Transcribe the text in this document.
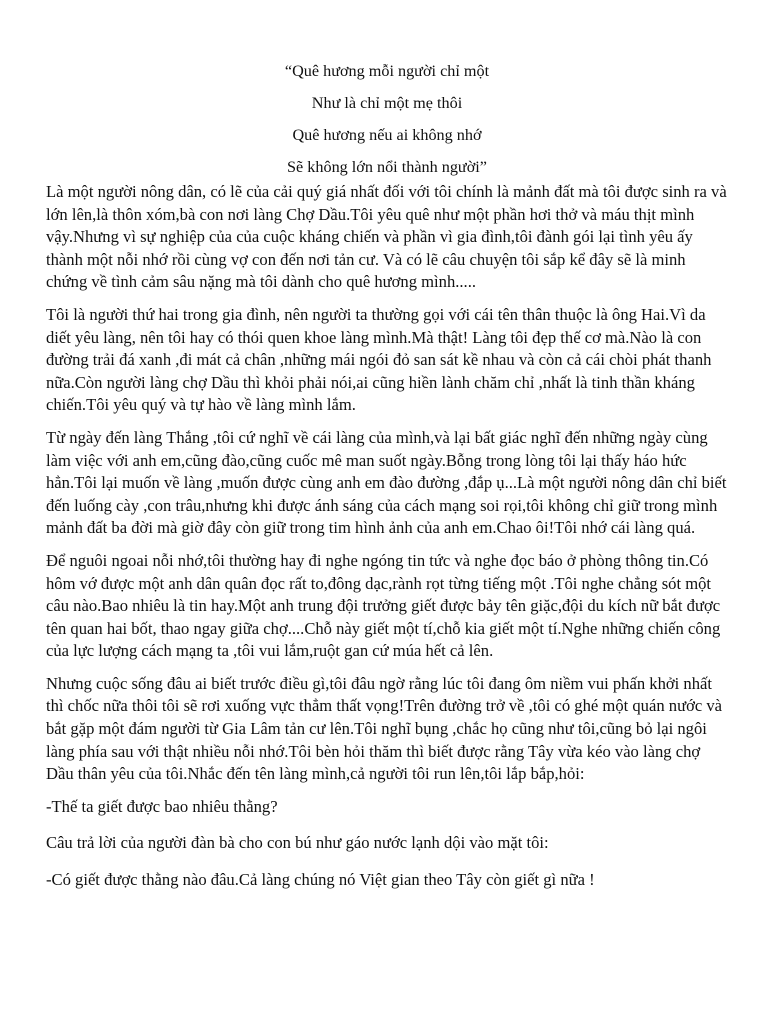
“Quê hương mỗi người chỉ một
Như là chỉ một mẹ thôi
Quê hương nếu ai không nhớ
Sẽ không lớn nổi thành người”

Là một người nông dân, có lẽ của cải quý giá nhất đối với tôi chính là mảnh đất mà tôi được sinh ra và lớn lên,là thôn xóm,bà con nơi làng Chợ Dầu.Tôi yêu quê như một phần hơi thở và máu thịt mình vậy.Nhưng vì sự nghiệp của của cuộc kháng chiến và phần vì gia đình,tôi đành gói lại tình yêu ấy thành một nỗi nhớ rồi cùng vợ con đến nơi tản cư. Và có lẽ câu chuyện tôi sắp kể đây sẽ là minh chứng về tình cảm sâu nặng mà tôi dành cho quê hương mình.....

Tôi là người thứ hai trong gia đình, nên người ta thường gọi với cái tên thân thuộc là ông Hai.Vì da diết yêu làng, nên tôi hay có thói quen khoe làng mình.Mà thật! Làng tôi đẹp thế cơ mà.Nào là con đường trải đá xanh ,đi mát cả chân ,những mái ngói đỏ san sát kề nhau và còn cả cái chòi phát thanh nữa.Còn người làng chợ Dầu thì khỏi phải nói,ai cũng hiền lành chăm chỉ ,nhất là tinh thần kháng chiến.Tôi yêu quý và tự hào về làng mình lắm.

Từ ngày đến làng Thắng ,tôi cứ nghĩ về cái làng của mình,và lại bất giác nghĩ đến những ngày cùng làm việc với anh em,cũng đào,cũng cuốc mê man suốt ngày.Bỗng trong lòng tôi lại thấy háo hức hẳn.Tôi lại muốn về làng ,muốn được cùng anh em đào đường ,đắp ụ...Là một người nông dân chỉ biết đến luống cày ,con trâu,nhưng khi được ánh sáng của cách mạng soi rọi,tôi không chỉ giữ trong mình mảnh đất ba đời mà giờ đây còn giữ trong tim hình ảnh của anh em.Chao ôi!Tôi nhớ cái làng quá.

Để nguôi ngoai nỗi nhớ,tôi thường hay đi nghe ngóng tin tức và nghe đọc báo ở phòng thông tin.Có hôm vớ được một anh dân quân đọc rất to,đông dạc,rành rọt từng tiếng một .Tôi nghe chẳng sót một câu nào.Bao nhiêu là tin hay.Một anh trung đội trưởng giết được bảy tên giặc,đội du kích nữ bắt được tên quan hai bốt, thao ngay giữa chợ....Chỗ này giết một tí,chỗ kia giết một tí.Nghe những chiến công của lực lượng cách mạng ta ,tôi vui lắm,ruột gan cứ múa hết cả lên.

Nhưng cuộc sống đâu ai biết trước điều gì,tôi đâu ngờ rằng lúc tôi đang ôm niềm vui phấn khởi nhất thì chốc nữa thôi tôi sẽ rơi xuống vực thẳm thất vọng!Trên đường trở về ,tôi có ghé một quán nước và bắt gặp một đám người từ Gia Lâm tản cư lên.Tôi nghĩ bụng ,chắc họ cũng như tôi,cũng bỏ lại ngôi làng phía sau với thật nhiều nỗi nhớ.Tôi bèn hỏi thăm thì biết được rằng Tây vừa kéo vào làng chợ Dầu thân yêu của tôi.Nhắc đến tên làng mình,cả người tôi run lên,tôi lắp bắp,hỏi:

-Thế ta giết được bao nhiêu thằng?

Câu trả lời của người đàn bà cho con bú như gáo nước lạnh dội vào mặt tôi:

-Có giết được thằng nào đâu.Cả làng chúng nó Việt gian theo Tây còn giết gì nữa !
